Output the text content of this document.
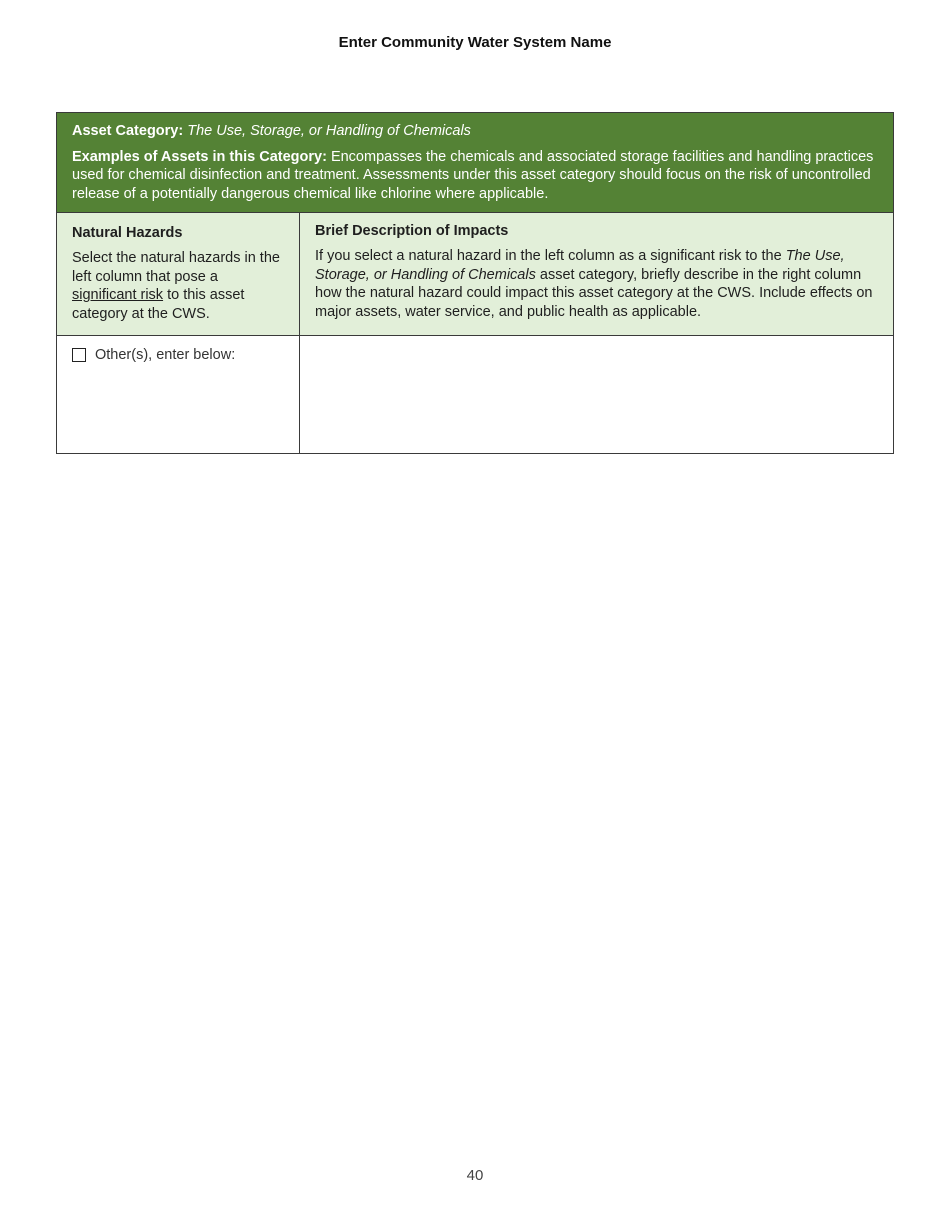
Enter Community Water System Name
Asset Category: The Use, Storage, or Handling of Chemicals
Examples of Assets in this Category: Encompasses the chemicals and associated storage facilities and handling practices used for chemical disinfection and treatment. Assessments under this asset category should focus on the risk of uncontrolled release of a potentially dangerous chemical like chlorine where applicable.
Natural Hazards
Select the natural hazards in the left column that pose a significant risk to this asset category at the CWS.
Brief Description of Impacts
If you select a natural hazard in the left column as a significant risk to the The Use, Storage, or Handling of Chemicals asset category, briefly describe in the right column how the natural hazard could impact this asset category at the CWS. Include effects on major assets, water service, and public health as applicable.
Other(s), enter below:
40
